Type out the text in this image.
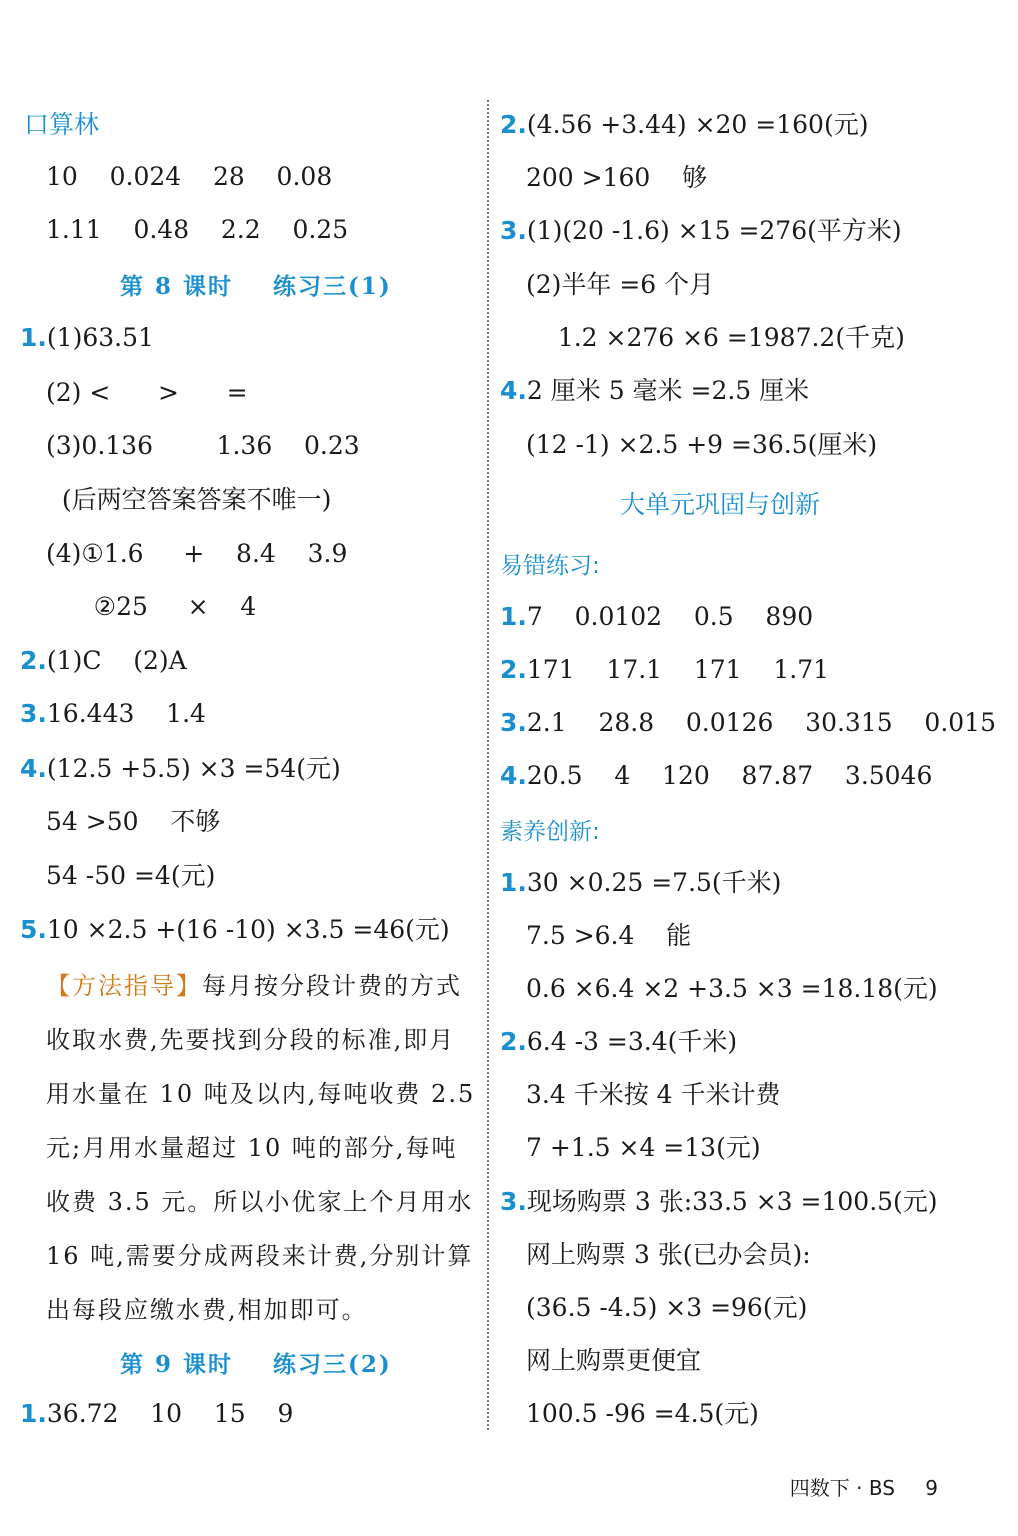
口算林
10    0.024    28    0.08
1.11    0.48    2.2    0.25
第 8 课时    练习三(1)
1.(1)63.51
(2) <      >      =
(3)0.136        1.36    0.23
(后两空答案答案不唯一)
(4)①1.6     +    8.4    3.9
②25     ×    4
2.(1)C    (2)A
3.16.443    1.4
4.(12.5 +5.5) ×3 =54(元)
54 >50    不够
54 -50 =4(元)
5.10 ×2.5 +(16 -10) ×3.5 =46(元)
【方法指导】每月按分段计费的方式收取水费,先要找到分段的标准,即月用水量在 10 吨及以内,每吨收费 2.5 元;月用水量超过 10 吨的部分,每吨收费 3.5 元。所以小优家上个月用水 16 吨,需要分成两段来计费,分别计算出每段应缴水费,相加即可。
第 9 课时    练习三(2)
1.36.72    10    15    9
2.(4.56 +3.44) ×20 =160(元)
200 >160    够
3.(1)(20 -1.6) ×15 =276(平方米)
(2)半年 =6 个月
1.2 ×276 ×6 =1987.2(千克)
4.2 厘米 5 毫米 =2.5 厘米
(12 -1) ×2.5 +9 =36.5(厘米)
大单元巩固与创新
易错练习:
1.7    0.0102    0.5    890
2.171    17.1    171    1.71
3.2.1    28.8    0.0126    30.315    0.015
4.20.5    4    120    87.87    3.5046
素养创新:
1.30 ×0.25 =7.5(千米)
7.5 >6.4    能
0.6 ×6.4 ×2 +3.5 ×3 =18.18(元)
2.6.4 -3 =3.4(千米)
3.4 千米按 4 千米计费
7 +1.5 ×4 =13(元)
3.现场购票 3 张:33.5 ×3 =100.5(元)
网上购票 3 张(已办会员):
(36.5 -4.5) ×3 =96(元)
网上购票更便宜
100.5 -96 =4.5(元)
四数下 · BS 9
